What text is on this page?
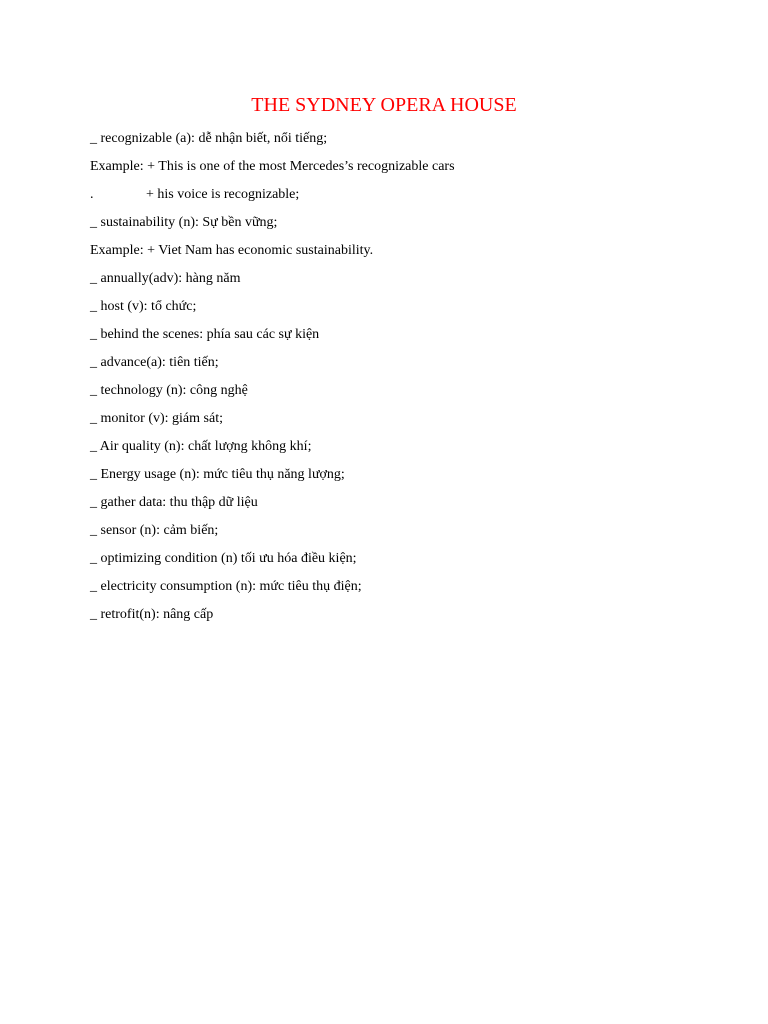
THE SYDNEY OPERA HOUSE
_ recognizable (a): dễ nhận biết, nổi tiếng;
Example: + This is one of the most Mercedes’s recognizable cars
.	+ his voice is recognizable;
_ sustainability (n): Sự bền vững;
Example: + Viet Nam has economic sustainability.
_ annually(adv): hàng năm
_ host (v): tổ chức;
_ behind the scenes: phía sau các sự kiện
_ advance(a): tiên tiến;
_ technology (n): công nghệ
_ monitor (v): giám sát;
_ Air quality (n): chất lượng không khí;
_ Energy usage (n): mức tiêu thụ năng lượng;
_ gather data: thu thập dữ liệu
_ sensor (n): cảm biến;
_ optimizing condition (n) tối ưu hóa điều kiện;
_ electricity consumption (n): mức tiêu thụ điện;
_ retrofit(n): nâng cấp
